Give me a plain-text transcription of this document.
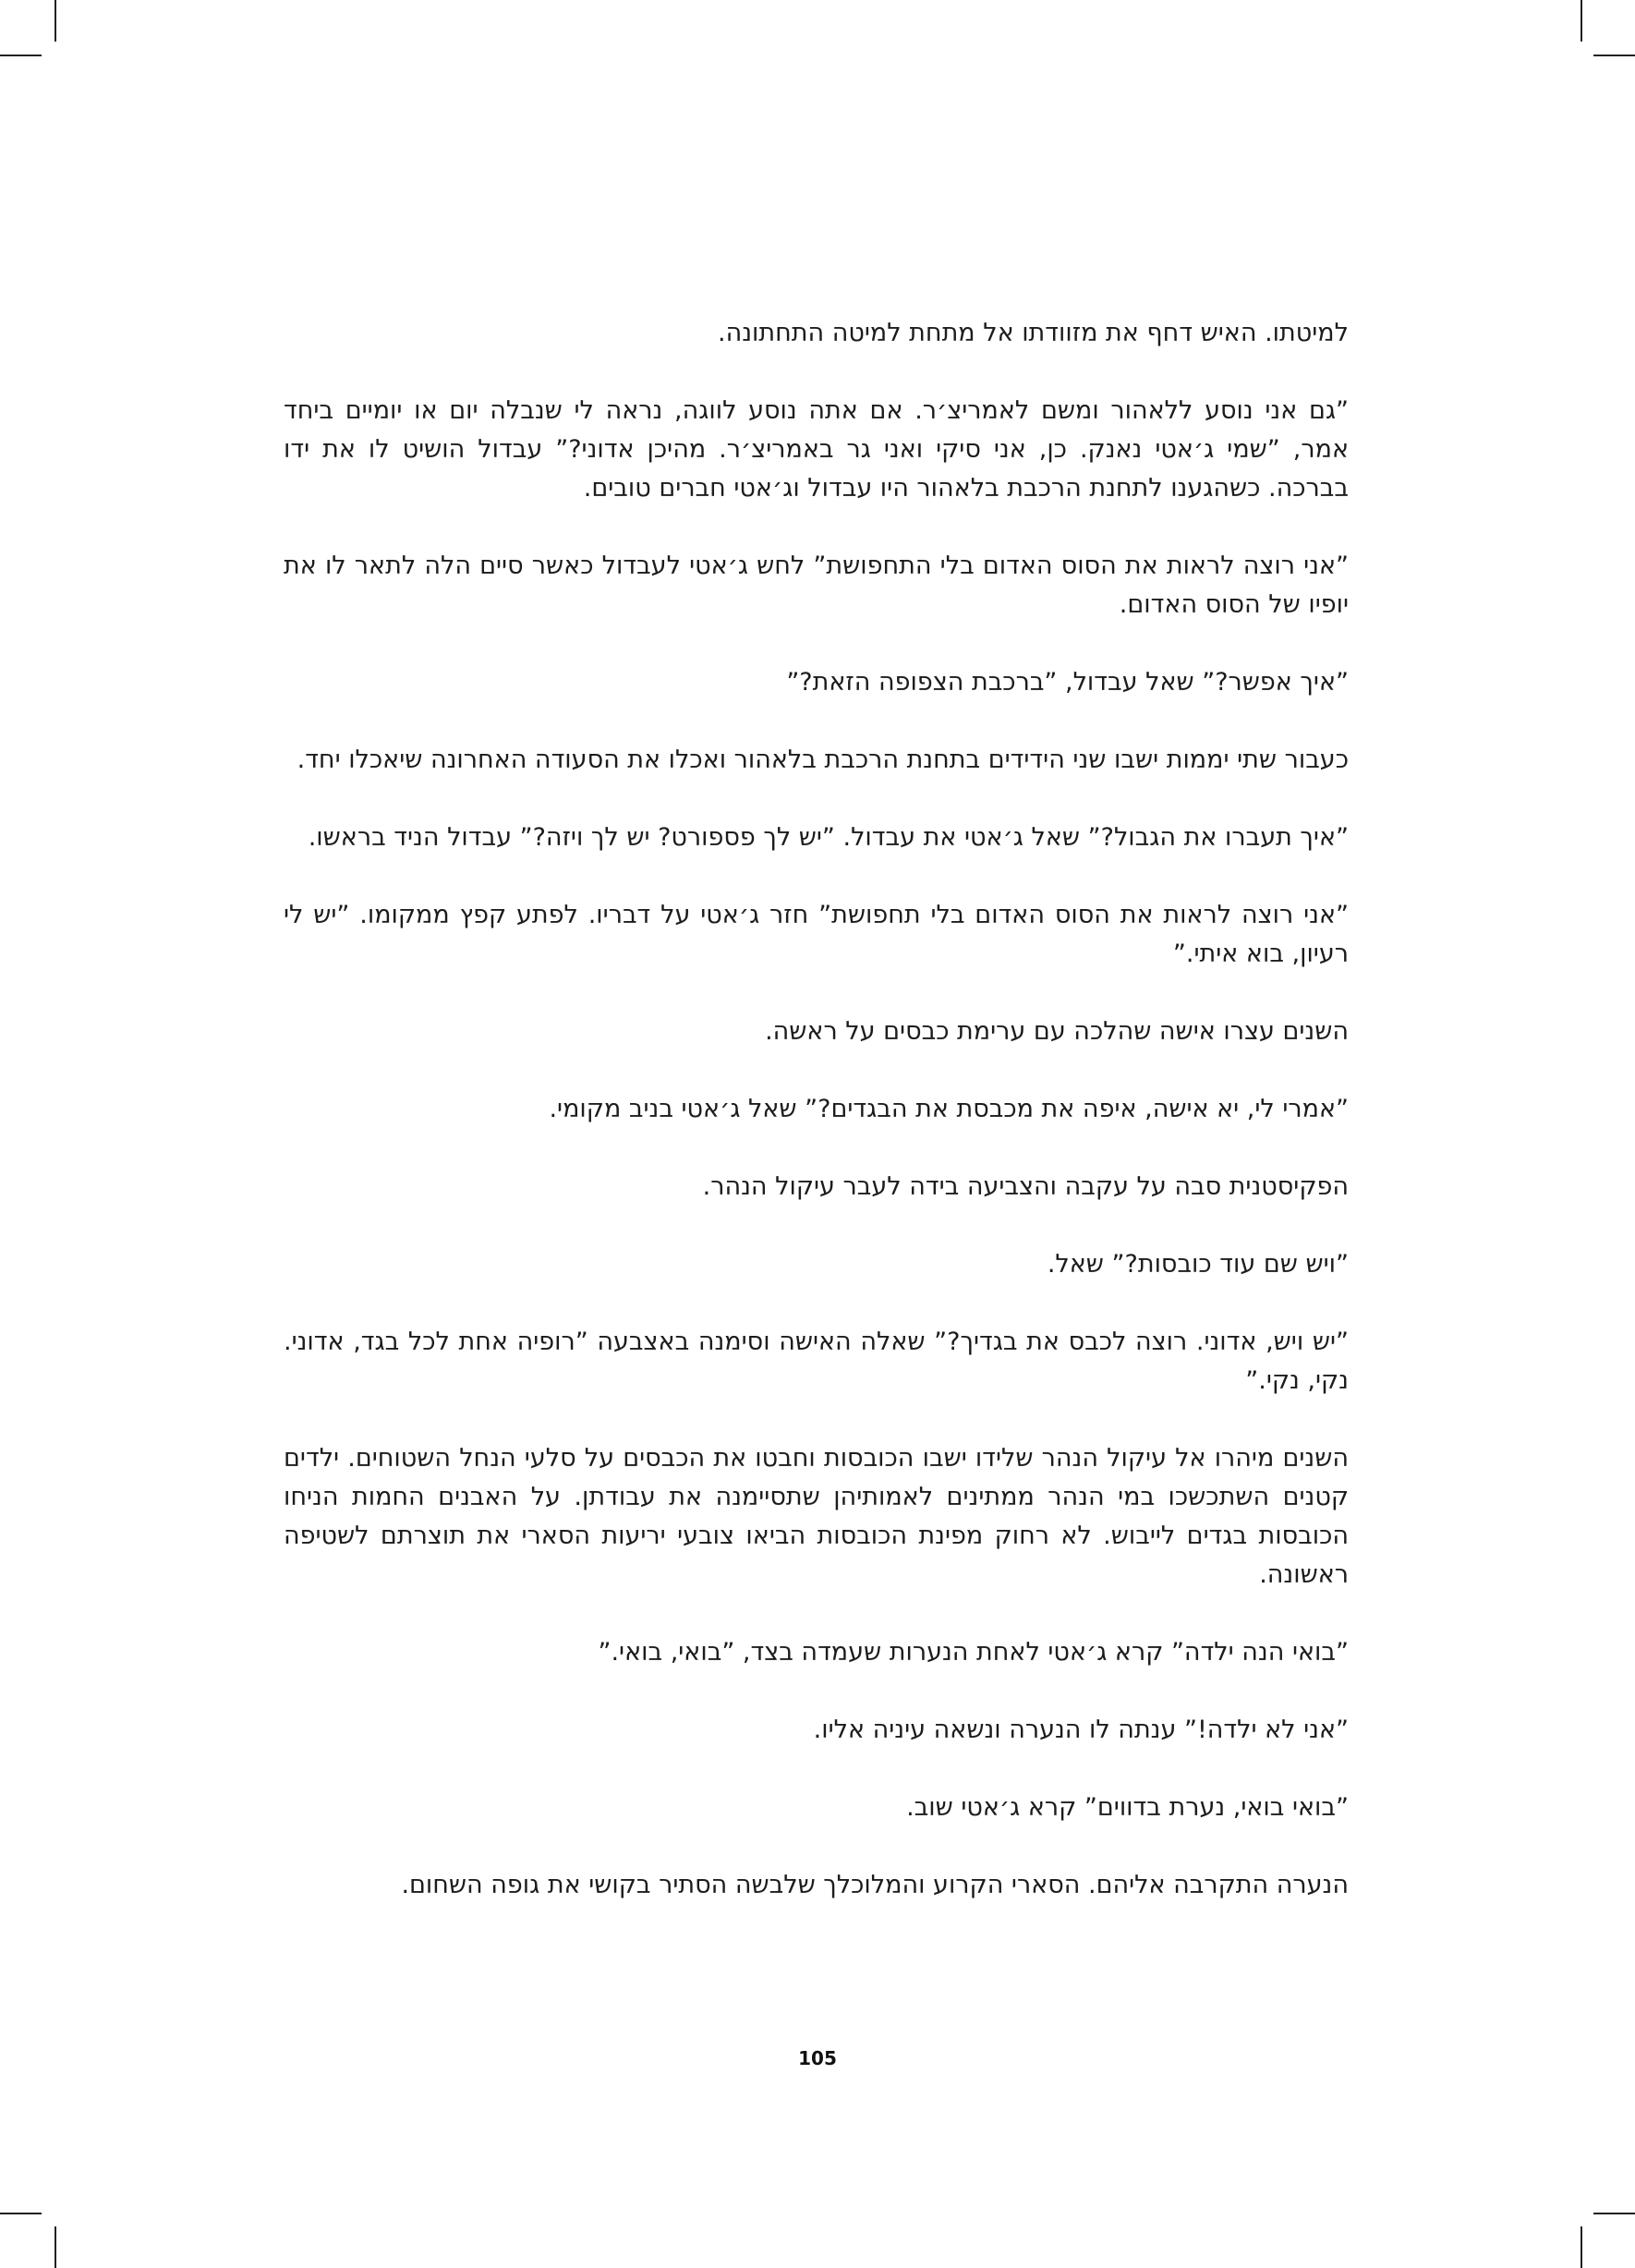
למיטתו. האיש דחף את מזוודתו אל מתחת למיטה התחתונה.

”גם אני נוסע ללאהור ומשם לאמריצ׳ר. אם אתה נוסע לווגה, נראה לי שנבלה יום או יומיים ביחד אמר, ”שמי ג׳אטי נאנק. כן, אני סיקי ואני גר באמריצ׳ר. מהיכן אדוני?” עבדול הושיט לו את ידו בברכה. כשהגענו לתחנת הרכבת בלאהור היו עבדול וג׳אטי חברים טובים.

”אני רוצה לראות את הסוס האדום בלי התחפושת” לחש ג׳אטי לעבדול כאשר סיים הלה לתאר לו את יופיו של הסוס האדום.

”איך אפשר?” שאל עבדול, ”ברכבת הצפופה הזאת?”

כעבור שתי יממות ישבו שני הידידים בתחנת הרכבת בלאהור ואכלו את הסעודה האחרונה שיאכלו יחד.

”איך תעברו את הגבול?” שאל ג׳אטי את עבדול. ”יש לך פספורט? יש לך ויזה?” עבדול הניד בראשו.

”אני רוצה לראות את הסוס האדום בלי תחפושת” חזר ג׳אטי על דבריו. לפתע קפץ ממקומו. ”יש לי רעיון, בוא איתי.”

השנים עצרו אישה שהלכה עם ערימת כבסים על ראשה.

”אמרי לי, יא אישה, איפה את מכבסת את הבגדים?” שאל ג׳אטי בניב מקומי.

הפקיסטנית סבה על עקבה והצביעה בידה לעבר עיקול הנהר.

”ויש שם עוד כובסות?” שאל.

”יש ויש, אדוני. רוצה לכבס את בגדיך?” שאלה האישה וסימנה באצבעה ”רופיה אחת לכל בגד, אדוני. נקי, נקי.”

השנים מיהרו אל עיקול הנהר שלידו ישבו הכובסות וחבטו את הכבסים על סלעי הנחל השטוחים. ילדים קטנים השתכשכו במי הנהר ממתינים לאמותיהן שתסיימנה את עבודתן. על האבנים החמות הניחו הכובסות בגדים לייבוש. לא רחוק מפינת הכובסות הביאו צובעי יריעות הסארי את תוצרתם לשטיפה ראשונה.

”בואי הנה ילדה” קרא ג׳אטי לאחת הנערות שעמדה בצד, ”בואי, בואי.”

”אני לא ילדה!” ענתה לו הנערה ונשאה עיניה אליו.

”בואי בואי, נערת בדווים” קרא ג׳אטי שוב.

הנערה התקרבה אליהם. הסארי הקרוע והמלוכלך שלבשה הסתיר בקושי את גופה השחום.

105
